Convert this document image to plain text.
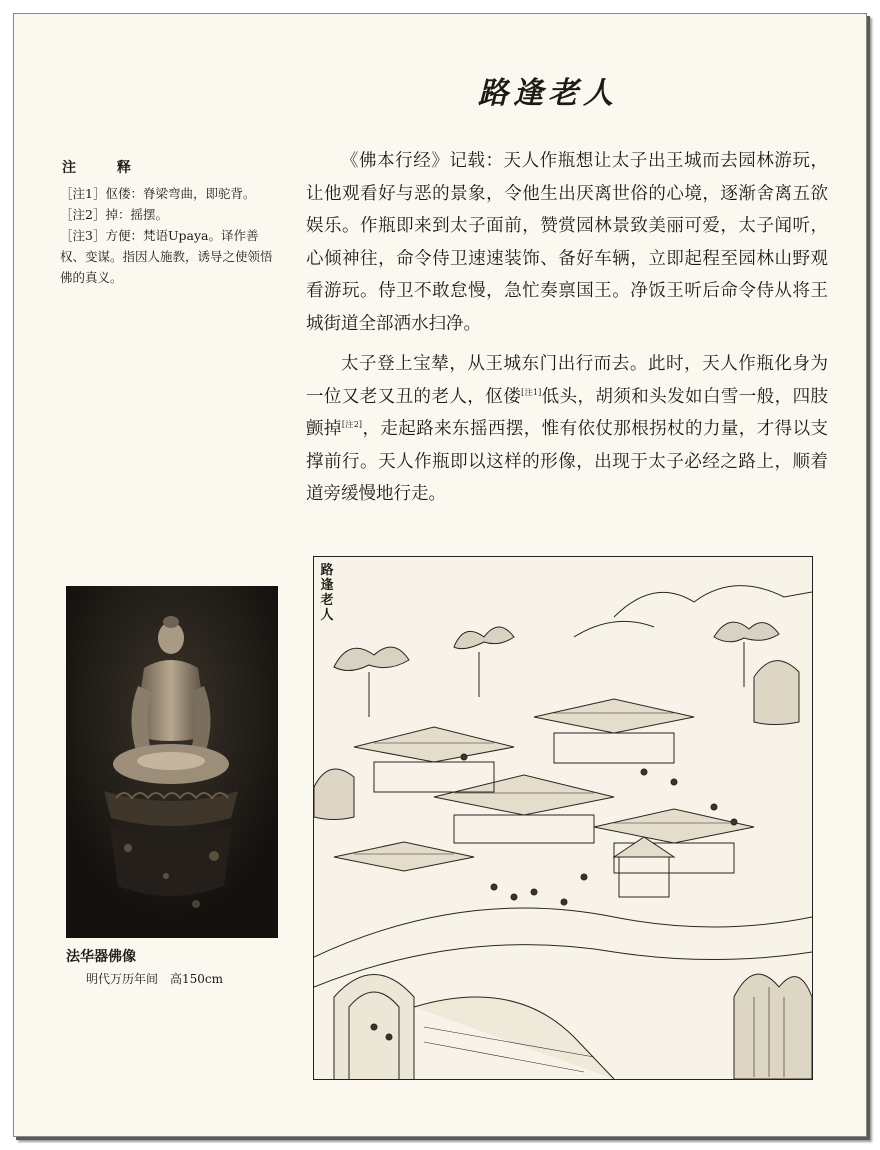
路逢老人
注 释

［注1］伛偻：脊梁弯曲，即驼背。

［注2］掉：摇摆。

［注3］方便：梵语Upaya。译作善权、变谋。指因人施教，诱导之使领悟佛的真义。

《佛本行经》记载：天人作瓶想让太子出王城而去园林游玩，让他观看好与恶的景象，令他生出厌离世俗的心境，逐渐舍离五欲娱乐。作瓶即来到太子面前，赞赏园林景致美丽可爱，太子闻听，心倾神往，命令侍卫速速装饰、备好车辆，立即起程至园林山野观看游玩。侍卫不敢怠慢，急忙奏禀国王。净饭王听后命令侍从将王城街道全部洒水扫净。

太子登上宝辇，从王城东门出行而去。此时，天人作瓶化身为一位又老又丑的老人，伛偻[注1]低头，胡须和头发如白雪一般，四肢颤掉[注2]，走起路来东摇西摆，惟有依仗那根拐杖的力量，才得以支撑前行。天人作瓶即以这样的形像，出现于太子必经之路上，顺着道旁缓慢地行走。

法华器佛像
明代万历年间　高150cm
路逢老人
